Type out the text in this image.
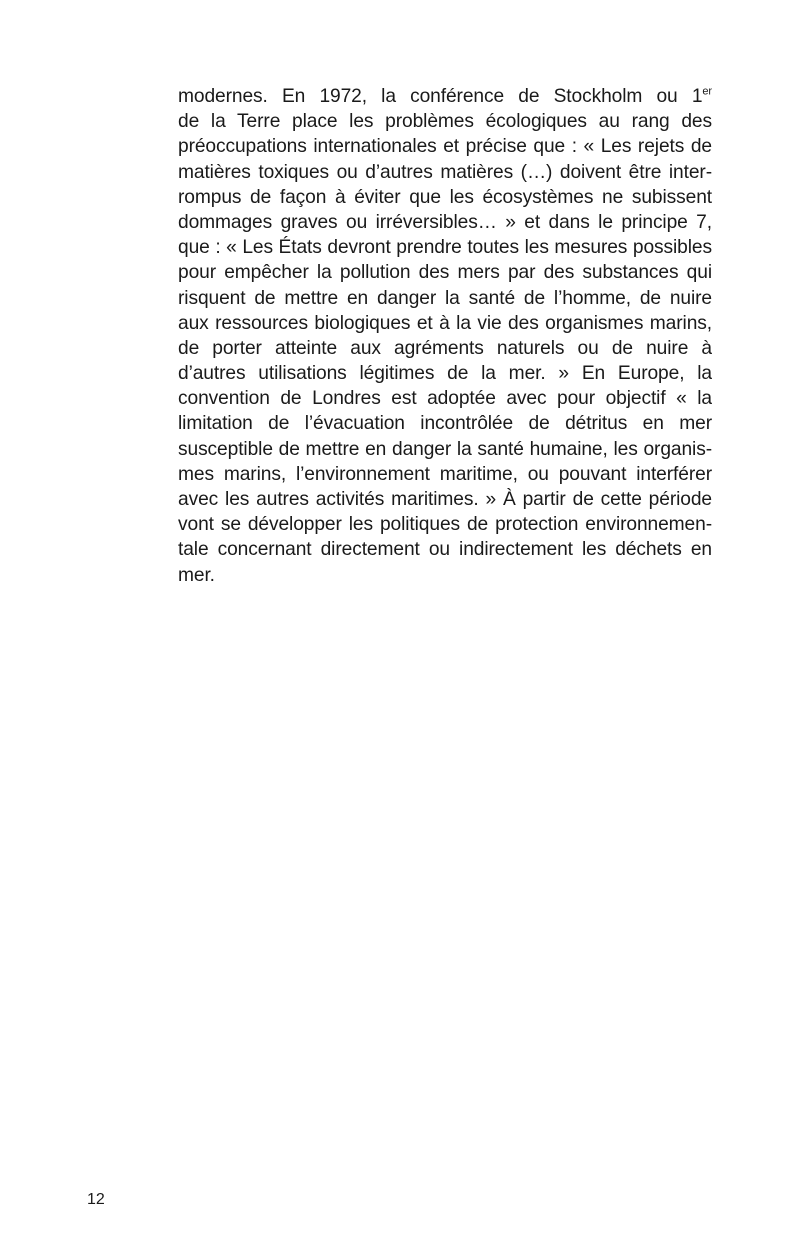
modernes. En 1972, la conférence de Stockholm ou 1er
de la Terre place les problèmes écologiques au rang des
préoccupations internationales et précise que : « Les rejets de
matières toxiques ou d’autres matières (…) doivent être inter-
rompus de façon à éviter que les écosystèmes ne subissent
dommages graves ou irréversibles… » et dans le principe 7,
que : « Les États devront prendre toutes les mesures possibles
pour empêcher la pollution des mers par des substances qui
risquent de mettre en danger la santé de l’homme, de nuire
aux ressources biologiques et à la vie des organismes marins,
de porter atteinte aux agréments naturels ou de nuire à
d’autres utilisations légitimes de la mer. » En Europe, la
convention de Londres est adoptée avec pour objectif « la
limitation de l’évacuation incontrôlée de détritus en mer
susceptible de mettre en danger la santé humaine, les organis-
mes marins, l’environnement maritime, ou pouvant interférer
avec les autres activités maritimes. » À partir de cette période
vont se développer les politiques de protection environnemen-
tale concernant directement ou indirectement les déchets en
mer.
12
